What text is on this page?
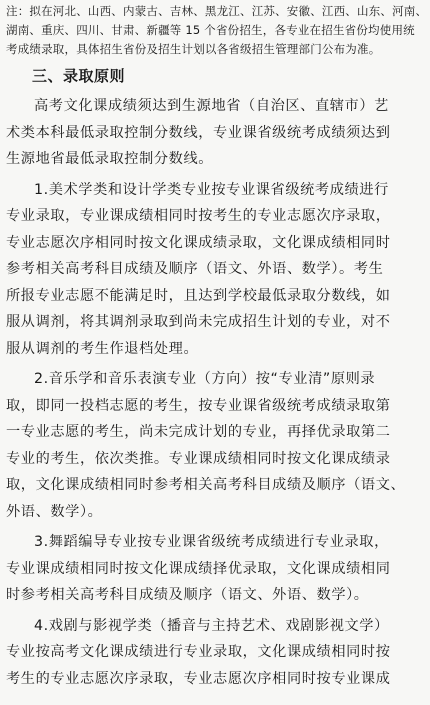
注：拟在河北、山西、内蒙古、吉林、黑龙江、江苏、安徽、江西、山东、河南、
湖南、重庆、四川、甘肃、新疆等 15 个省份招生，各专业在招生省份均使用统
考成绩录取，具体招生省份及招生计划以各省级招生管理部门公布为准。
三、录取原则
高考文化课成绩须达到生源地省（自治区、直辖市）艺
术类本科最低录取控制分数线，专业课省级统考成绩须达到
生源地省最低录取控制分数线。
1.美术学类和设计学类专业按专业课省级统考成绩进行
专业录取，专业课成绩相同时按考生的专业志愿次序录取，
专业志愿次序相同时按文化课成绩录取，文化课成绩相同时
参考相关高考科目成绩及顺序（语文、外语、数学）。考生
所报专业志愿不能满足时，且达到学校最低录取分数线，如
服从调剂，将其调剂录取到尚未完成招生计划的专业，对不
服从调剂的考生作退档处理。
2.音乐学和音乐表演专业（方向）按“专业清”原则录
取，即同一投档志愿的考生，按专业课省级统考成绩录取第
一专业志愿的考生，尚未完成计划的专业，再择优录取第二
专业的考生，依次类推。专业课成绩相同时按文化课成绩录
取，文化课成绩相同时参考相关高考科目成绩及顺序（语文、
外语、数学）。
3.舞蹈编导专业按专业课省级统考成绩进行专业录取，
专业课成绩相同时按文化课成绩择优录取，文化课成绩相同
时参考相关高考科目成绩及顺序（语文、外语、数学）。
4.戏剧与影视学类（播音与主持艺术、戏剧影视文学）
专业按高考文化课成绩进行专业录取，文化课成绩相同时按
考生的专业志愿次序录取，专业志愿次序相同时按专业课成
